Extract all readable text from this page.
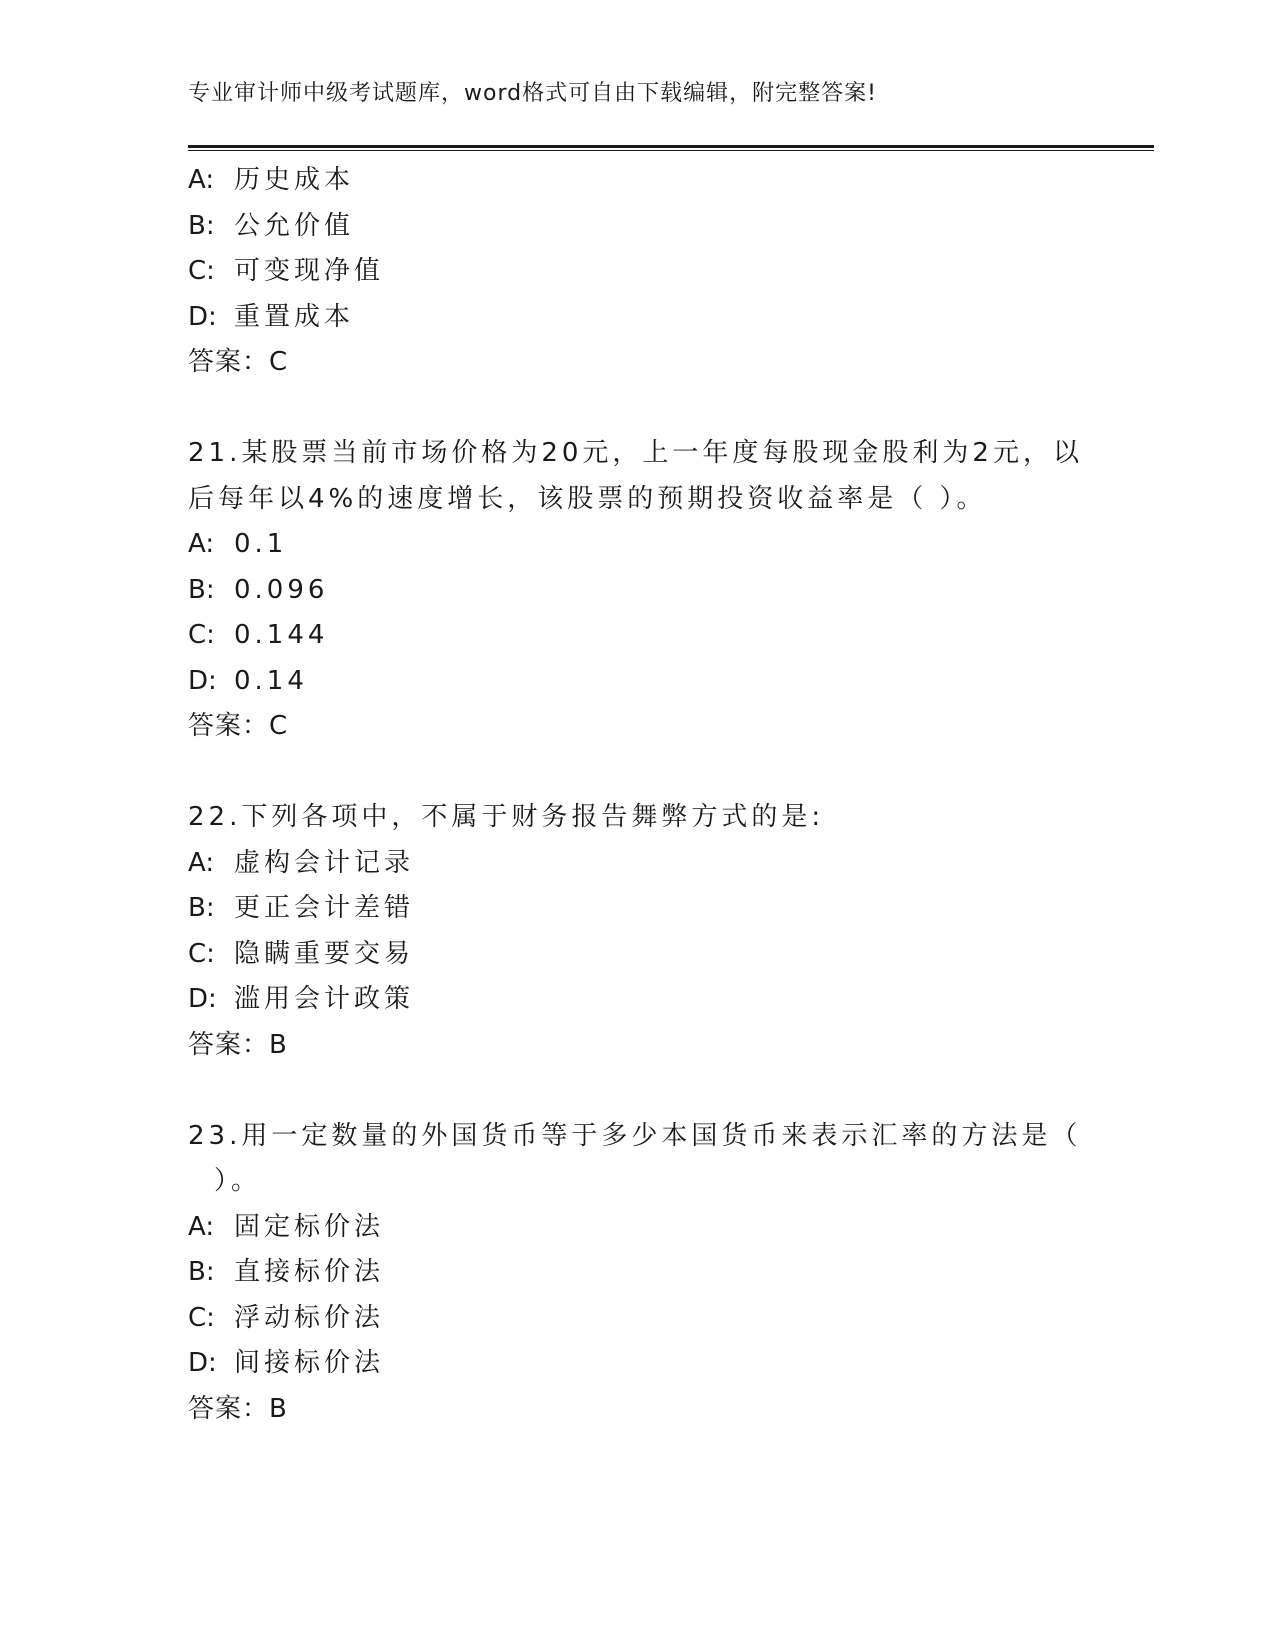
专业审计师中级考试题库，word格式可自由下载编辑，附完整答案!
A: 历史成本
B: 公允价值
C: 可变现净值
D: 重置成本
答案：C
21.某股票当前市场价格为20元，上一年度每股现金股利为2元，以
后每年以4%的速度增长，该股票的预期投资收益率是（ ）。
A: 0.1
B: 0.096
C: 0.144
D: 0.14
答案：C
22.下列各项中，不属于财务报告舞弊方式的是:
A: 虚构会计记录
B: 更正会计差错
C: 隐瞒重要交易
D: 滥用会计政策
答案：B
23.用一定数量的外国货币等于多少本国货币来表示汇率的方法是（
）。
A: 固定标价法
B: 直接标价法
C: 浮动标价法
D: 间接标价法
答案：B
